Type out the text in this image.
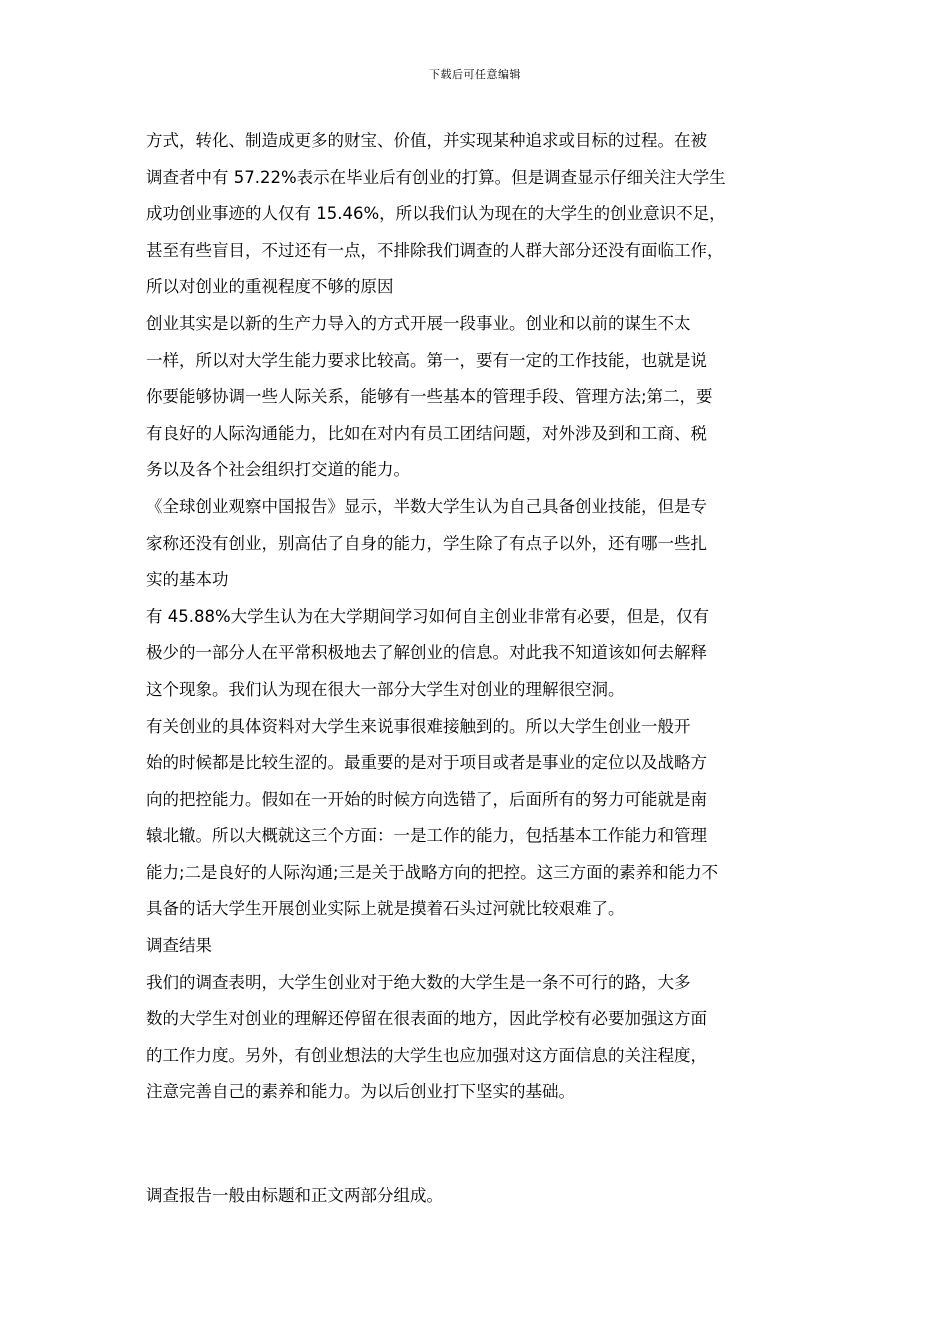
下载后可任意编辑
方式，转化、制造成更多的财宝、价值，并实现某种追求或目标的过程。在被
调查者中有 57.22%表示在毕业后有创业的打算。但是调查显示仔细关注大学生
成功创业事迹的人仅有 15.46%，所以我们认为现在的大学生的创业意识不足，
甚至有些盲目，不过还有一点，不排除我们调查的人群大部分还没有面临工作，
所以对创业的重视程度不够的原因
创业其实是以新的生产力导入的方式开展一段事业。创业和以前的谋生不太
一样，所以对大学生能力要求比较高。第一，要有一定的工作技能，也就是说
你要能够协调一些人际关系，能够有一些基本的管理手段、管理方法;第二，要
有良好的人际沟通能力，比如在对内有员工团结问题，对外涉及到和工商、税
务以及各个社会组织打交道的能力。
《全球创业观察中国报告》显示，半数大学生认为自己具备创业技能，但是专
家称还没有创业，别高估了自身的能力，学生除了有点子以外，还有哪一些扎
实的基本功
有 45.88%大学生认为在大学期间学习如何自主创业非常有必要，但是，仅有
极少的一部分人在平常积极地去了解创业的信息。对此我不知道该如何去解释
这个现象。我们认为现在很大一部分大学生对创业的理解很空洞。
有关创业的具体资料对大学生来说事很难接触到的。所以大学生创业一般开
始的时候都是比较生涩的。最重要的是对于项目或者是事业的定位以及战略方
向的把控能力。假如在一开始的时候方向选错了，后面所有的努力可能就是南
辕北辙。所以大概就这三个方面：一是工作的能力，包括基本工作能力和管理
能力;二是良好的人际沟通;三是关于战略方向的把控。这三方面的素养和能力不
具备的话大学生开展创业实际上就是摸着石头过河就比较艰难了。
调查结果
我们的调查表明，大学生创业对于绝大数的大学生是一条不可行的路，大多
数的大学生对创业的理解还停留在很表面的地方，因此学校有必要加强这方面
的工作力度。另外，有创业想法的大学生也应加强对这方面信息的关注程度，
注意完善自己的素养和能力。为以后创业打下坚实的基础。
调查报告一般由标题和正文两部分组成。
